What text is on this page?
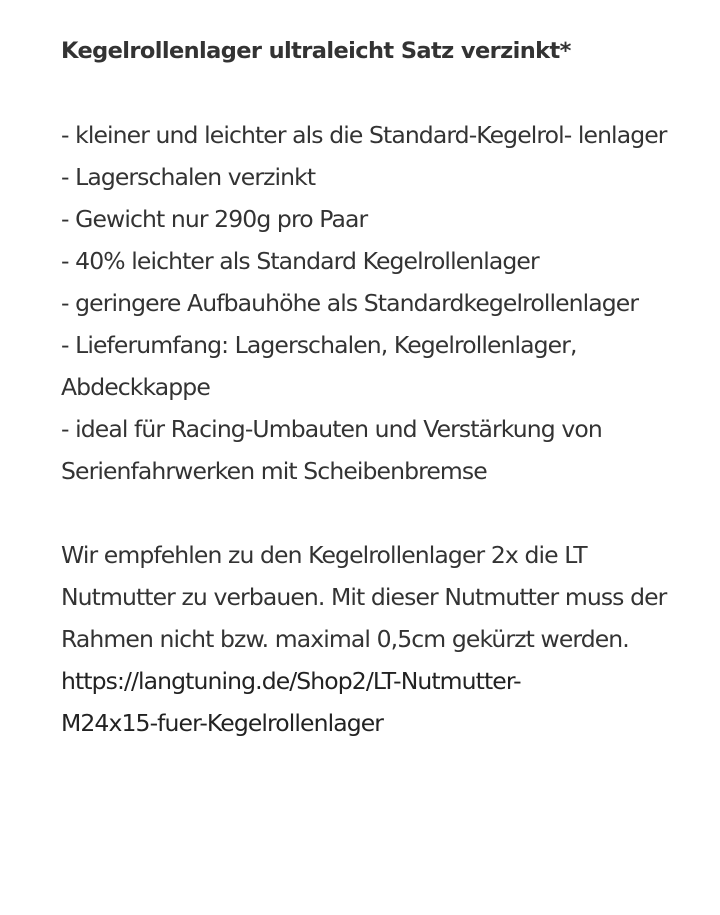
Kegelrollenlager ultraleicht Satz verzinkt*
- kleiner und leichter als die Standard-Kegelrol- lenlager
- Lagerschalen verzinkt
- Gewicht nur 290g pro Paar
- 40% leichter als Standard Kegelrollenlager
- geringere Aufbauhöhe als Standardkegelrollenlager
- Lieferumfang: Lagerschalen, Kegelrollenlager, Abdeckkappe
- ideal für Racing-Umbauten und Verstärkung von Serienfahrwerken mit Scheibenbremse

Wir empfehlen zu den Kegelrollenlager 2x die LT Nutmutter zu verbauen. Mit dieser Nutmutter muss der Rahmen nicht bzw. maximal 0,5cm gekürzt werden.

https://langtuning.de/Shop2/LT-Nutmutter-
M24x15-fuer-Kegelrollenlager
